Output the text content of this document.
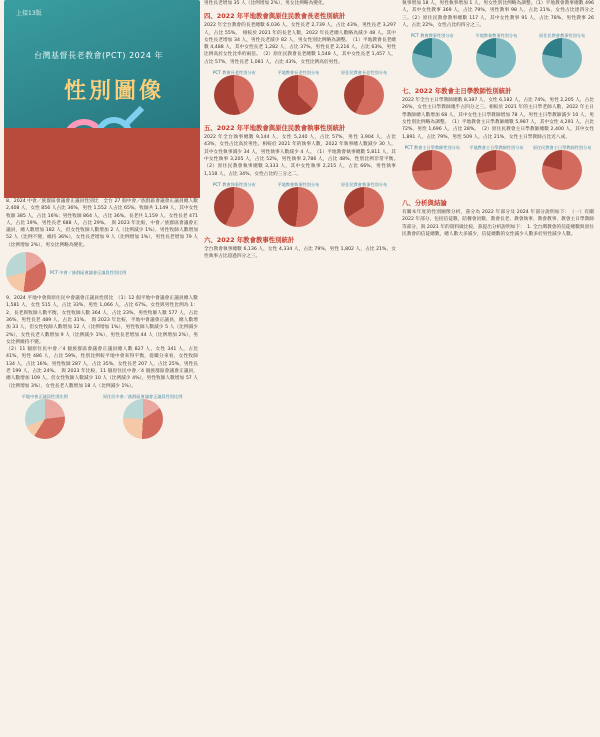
上接13版
台灣基督長老教會(PCT) 2024 年
性別圖像

8、2024 中會／族群區會議會正議員性別比　全台 27 個中會／族群區會議會正議員總人數 2,408 人，女性 856 人占比 36%，男性 1,552 人占比 65%。牧師共 1,149 人，其中女性牧師 385 人，占比 16%；男性牧師 864 人，占比 36%。長老共 1,159 人，女性長老 471 人，占比 19%，男性長老 688 人，占比 29%。　與 2023 年比較，中會／族群區會議會正議員，總人數增加 182 人，但女性牧師人數增加 2 人（比例減少 1%），男性牧師人數增加 52 人（比例不變，維持 36%），女性長老增加 9 人（比例增加 1%），男性長老增加 79 人（比例增加 2%），男女比例略為變化。

PCT 中會／族群區會議會正議員性別比例

9、2024 平地中會與原住民中會議會正議員性別比　（1）12 個平地中會議會正議員總人數 1,581 人，女性 515 人，占比 33%，男性 1,066 人，占比 67%。女性與男性比例為 1：2，長老與牧師人數平衡，女性牧師人數 364 人，占比 23%，男性牧師人數 577 人，占比 36%，男性長老 489 人，占比 31%。　與 2023 年比較，平地中會議會正議員，總人數增加 33 人，但女性牧師人數增加 12 人（比例增加 1%），男性牧師人數減少 5 人（比例減少 2%），女性長老人數增加 9 人（比例減少 1%），男性長老增加 44 人（比例增加 2%），男女比例維持不變。

（2）11 個原住民中會／4 個族群區會議會正議員總人數 827 人，女性 341 人，占比 41%，男性 486 人，占比 59%。性別比例較平地中會來得平衡，從職分來看，女性牧師 134 人，占比 16%，男性牧師 287 人，占比 35%，女性長老 207 人，占比 25%，男性長老 199 人，占比 24%。　與 2023 年比較，11 個原住民中會／4 個族群區會議會正議員，總人數增加 109 人，但女性牧師人數減少 10 人（比例減少 4%），男性牧師人數增加 57 人（比例增加 3%），女性長老人數增加 18 人（比例減少 1%）。

平地中會正議員性別比例	原住民中會／族群區會議會正議員性別比例

男性長老增加 35 人（比例增加 2%），男女比例略為變化。

四、2022 年平地教會與原住民教會長老性別統計

2022 年全台教會的長老總數 6,036 人，女性長老 2,739 人，占比 43%，男性長老 3,297 人，占比 55%。　相較於 2021 年的長老人數，2022 年長老總人數略為減少 48 人。其中女性長老增加 34 人，男性長老減少 82 人，男女性別比例略為調整。　（1）平地教會長老總數 4,488 人，其中女性長老 1,282 人，占比 37%，男性長老 2,216 人，占比 63%，男性比例高於女性比率約兩倍。　（2）原住民教會長老總數 1,548 人，其中女性長老 1,457 人，占比 57%，男性長老 1,081 人，占比 43%，女性比例高於男性。

PCT 教會長老性別分布	平地教會長老性別分布	原住民教會長老性別分布
五、2022 年平地教會與原住民教會執事性別統計

2022 年全台執事總數 9,144 人，女性 5,240 人，占比 57%，男性 3,904 人，占比 43%，女性占比高於男性。相較於 2021 年的執事人數，2022 年執事總人數減少 30 人，其中女性執事減少 34 人，男性執事人數減少 4 人。　（1）平地教會執事總數 5,811 人，其中女性執事 3,205 人，占比 52%，男性執事 2,786 人，占比 48%，性別比例非常平衡。　（2）原住民教會執事總數 3,333 人，其中女性執事 2,215 人，占比 66%，男性執事 1,118 人，占比 34%，女性占比約三分之二。

PCT 教會執事性別分布	平地教會執事性別分布	原住民教會執事性別分布
六、2022 年教會教事性別統計

全台教會執事總數 6,136 人，女性 4,334 人，占比 79%，男性 1,802 人，占比 21%，女性執事占比超過四分之三。

執事增加 18 人，男性執事增加 1 人，男女性別比例略為調整。（1）平地教會教事總數 496 人，其中女性教事 369 人，占比 79%，男性教事 98 人，占比 21%，女性占比達四分之三。（2）原住民教會教事總數 117 人，其中女性教事 91 人，占比 78%，男性教事 26 人，占比 22%，女性占比約四分之三。

PCT 教會教事性別分布	平地教會教事性別分布	原住民教會教事性別分布
七、2022 年教會主日學教師性別統計

2022 年全台主日學教師總數 8,387 人，女性 6,182 人，占比 74%，男性 2,205 人，占比 26%，女性主日學教師幾乎占四分之三。相較於 2021 年的主日學老師人數，2022 年主日學教師總人數增加 68 人，其中女性主日學教師增加 78 人，男性主日學教師減少 10 人，男女性別比例略為調整。　（1）平地教會主日學教師總數 5,987 人，其中女性 4,291 人，占比 72%，男性 1,696 人，占比 28%。　（2）原住民教會主日學教師總數 2,400 人，其中女性 1,891 人，占比 79%，男性 509 人，占比 21%，女性主日學教師占比近八成。

PCT 教會主日學教師性別分布 平地教會主日學教師性別分布 原住民教會主日學教師性別分布
八、分析與結論

有關本年度的性別圖像分析，茲分為 2022 年部分及 2024 年部分說明如下：　（一）有關 2022 年部分，包括信徒數、陪餐會員數、教會長老、教會執事、教會教事、教會主日學教師等部分，與 2021 年的資料做比較，茲提出分析說明如下：　1. 全台灣教會的信徒總數與原住民教會的信徒總數，總人數大多減少，信徒總數的女性減少人數多於男性減少人數。
